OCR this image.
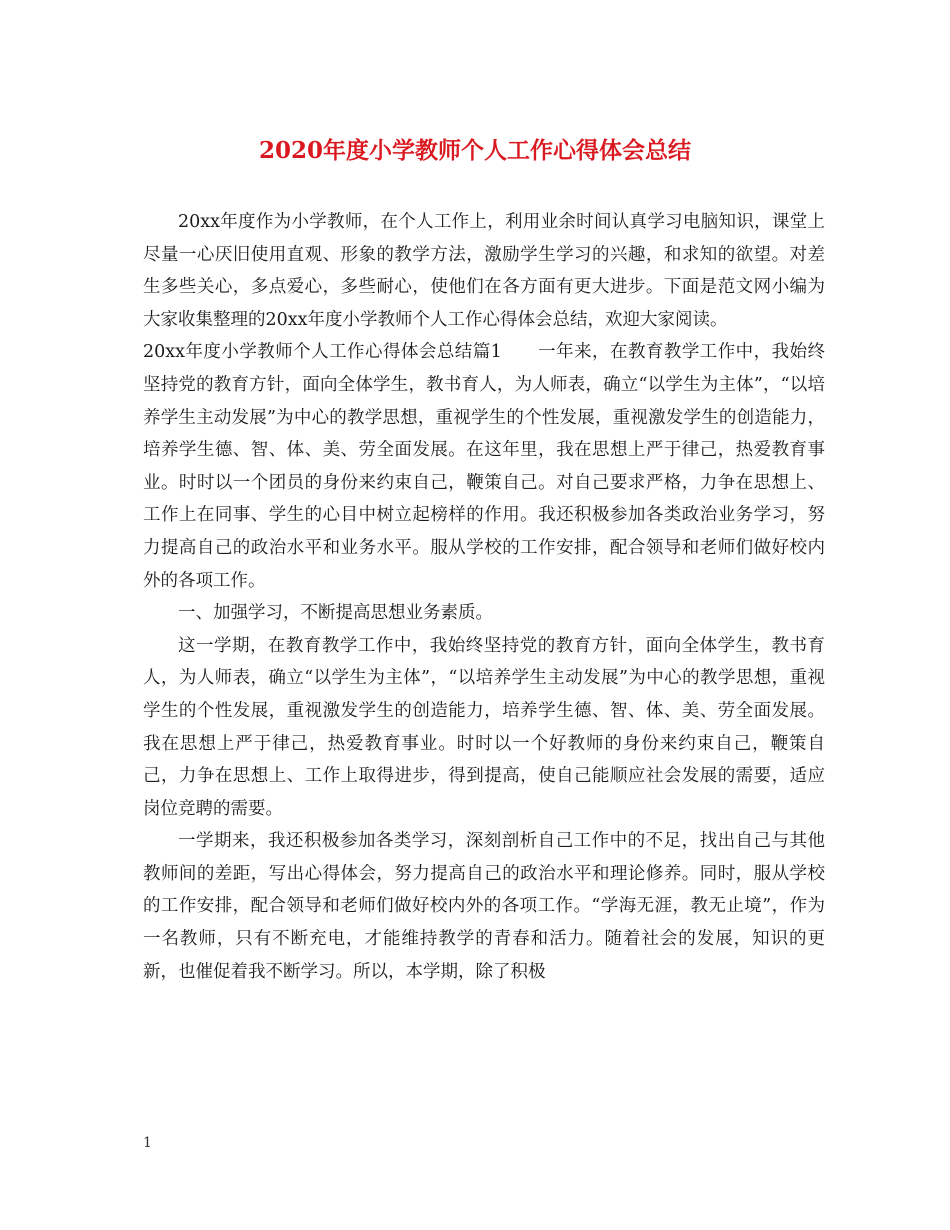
2020年度小学教师个人工作心得体会总结

20xx年度作为小学教师，在个人工作上，利用业余时间认真学习电脑知识，课堂上尽量一心厌旧使用直观、形象的教学方法，激励学生学习的兴趣，和求知的欲望。对差生多些关心，多点爱心，多些耐心，使他们在各方面有更大进步。下面是范文网小编为大家收集整理的20xx年度小学教师个人工作心得体会总结，欢迎大家阅读。

20xx年度小学教师个人工作心得体会总结篇1　　一年来，在教育教学工作中，我始终坚持党的教育方针，面向全体学生，教书育人，为人师表，确立“以学生为主体”，“以培养学生主动发展”为中心的教学思想，重视学生的个性发展，重视激发学生的创造能力，培养学生德、智、体、美、劳全面发展。在这年里，我在思想上严于律己，热爱教育事业。时时以一个团员的身份来约束自己，鞭策自己。对自己要求严格，力争在思想上、工作上在同事、学生的心目中树立起榜样的作用。我还积极参加各类政治业务学习，努力提高自己的政治水平和业务水平。服从学校的工作安排，配合领导和老师们做好校内外的各项工作。

一、加强学习，不断提高思想业务素质。

这一学期，在教育教学工作中，我始终坚持党的教育方针，面向全体学生，教书育人，为人师表，确立“以学生为主体”，“以培养学生主动发展”为中心的教学思想，重视学生的个性发展，重视激发学生的创造能力，培养学生德、智、体、美、劳全面发展。我在思想上严于律己，热爱教育事业。时时以一个好教师的身份来约束自己，鞭策自己，力争在思想上、工作上取得进步，得到提高，使自己能顺应社会发展的需要，适应岗位竞聘的需要。

一学期来，我还积极参加各类学习，深刻剖析自己工作中的不足，找出自己与其他教师间的差距，写出心得体会，努力提高自己的政治水平和理论修养。同时，服从学校的工作安排，配合领导和老师们做好校内外的各项工作。“学海无涯，教无止境”，作为一名教师，只有不断充电，才能维持教学的青春和活力。随着社会的发展，知识的更新，也催促着我不断学习。所以，本学期，除了积极

1
